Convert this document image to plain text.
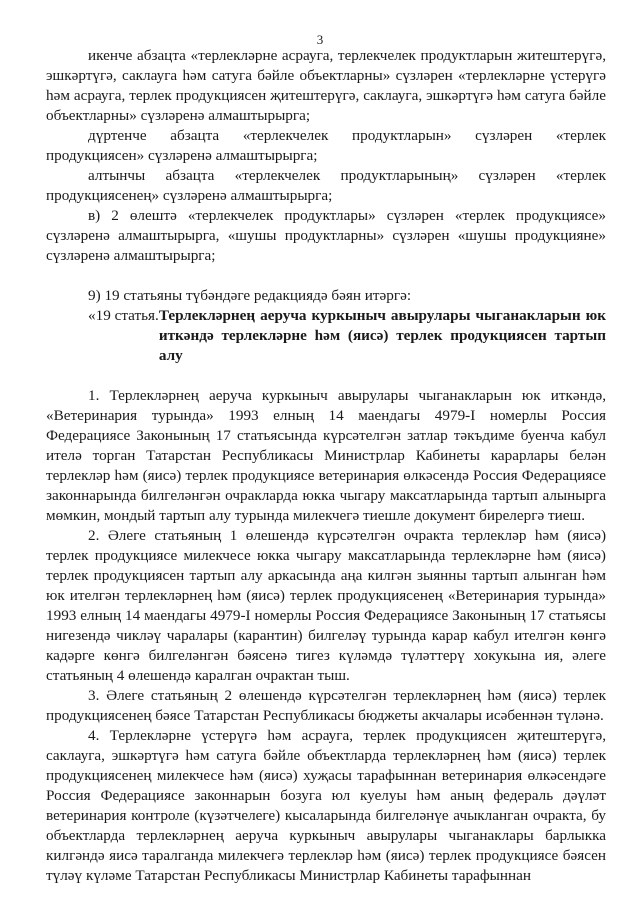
3

икенче абзацта «терлекләрне асрауга, терлекчелек продуктларын житештерүгә, эшкәртүгә, саклауга һәм сатуга бәйле объектларны» сүзләрен «терлекләрне үстерүгә һәм асрауга, терлек продукциясен җитештерүгә, саклауга, эшкәртүгә һәм сатуга бәйле объектларны» сүзләренә алмаштырырга;

дүртенче абзацта «терлекчелек продуктларын» сүзләрен «терлек продукциясен» сүзләренә алмаштырырга;

алтынчы абзацта «терлекчелек продуктларының» сүзләрен «терлек продукциясенең» сүзләренә алмаштырырга;

в) 2 өлештә «терлекчелек продуктлары» сүзләрен «терлек продукциясе» сүзләренә алмаштырырга, «шушы продуктларны» сүзләрен «шушы продукцияне» сүзләренә алмаштырырга;

9) 19 статьяны түбәндәге редакциядә бәян итәргә:

«19 статья. Терлекләрнең аеруча куркыныч авырулары чыганакларын юк иткәндә терлекләрне һәм (яисә) терлек продукциясен тартып алу

1. Терлекләрнең аеруча куркыныч авырулары чыганакларын юк иткәндә, «Ветеринария турында» 1993 елның 14 маендагы 4979-I номерлы Россия Федерациясе Законының 17 статьясында күрсәтелгән затлар тәкъдиме буенча кабул ителә торган Татарстан Республикасы Министрлар Кабинеты карарлары белән терлекләр һәм (яисә) терлек продукциясе ветеринария өлкәсендә Россия Федерациясе законнарында билгеләнгән очракларда юкка чыгару максатларында тартып алынырга мөмкин, мондый тартып алу турында милекчегә тиешле документ бирелергә тиеш.

2. Әлеге статьяның 1 өлешендә күрсәтелгән очракта терлекләр һәм (яисә) терлек продукциясе милекчесе юкка чыгару максатларында терлекләрне һәм (яисә) терлек продукциясен тартып алу аркасында аңа килгән зыянны тартып алынган һәм юк ителгән терлекләрнең һәм (яисә) терлек продукциясенең «Ветеринария турында» 1993 елның 14 маендагы 4979-I номерлы Россия Федерациясе Законының 17 статьясы нигезендә чикләү чаралары (карантин) билгеләү турында карар кабул ителгән көнгә кадәрге көнгә билгеләнгән бәясенә тигез күләмдә түләттерү хокукына ия, әлеге статьяның 4 өлешендә каралган очрактан тыш.

3. Әлеге статьяның 2 өлешендә күрсәтелгән терлекләрнең һәм (яисә) терлек продукциясенең бәясе Татарстан Республикасы бюджеты акчалары исәбеннән түләнә.

4. Терлекләрне үстерүгә һәм асрауга, терлек продукциясен җитештерүгә, саклауга, эшкәртүгә һәм сатуга бәйле объектларда терлекләрнең һәм (яисә) терлек продукциясенең милекчесе һәм (яисә) хуҗасы тарафыннан ветеринария өлкәсендәге Россия Федерациясе законнарын бозуга юл куелуы һәм аның федераль дәүләт ветеринария контроле (күзәтчелеге) кысаларында билгеләнүе ачыкланган очракта, бу объектларда терлекләрнең аеруча куркыныч авырулары чыганаклары барлыкка килгәндә яисә таралганда милекчегә терлекләр һәм (яисә) терлек продукциясе бәясен түләү күләме Татарстан Республикасы Министрлар Кабинеты тарафыннан
